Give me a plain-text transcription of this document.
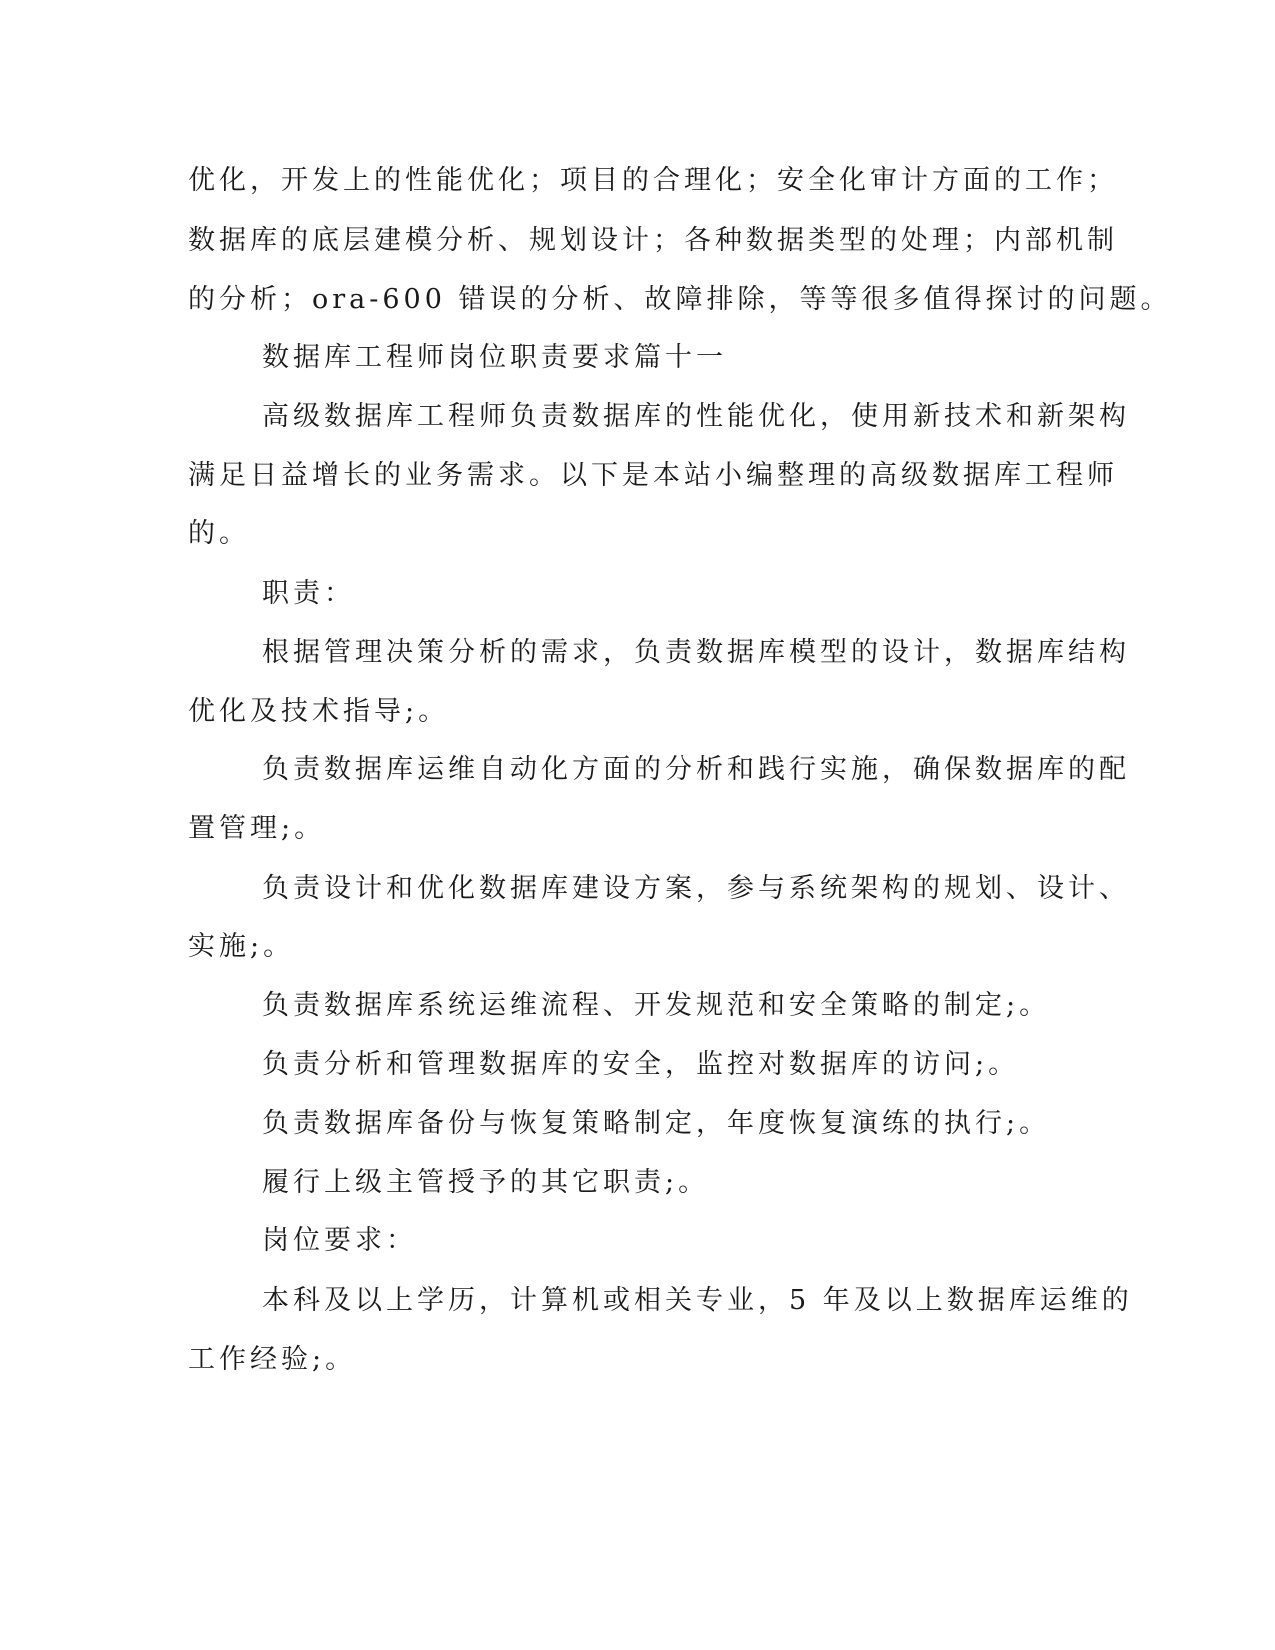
优化，开发上的性能优化；项目的合理化；安全化审计方面的工作；
数据库的底层建模分析、规划设计；各种数据类型的处理；内部机制
的分析；ora-600 错误的分析、故障排除，等等很多值得探讨的问题。
数据库工程师岗位职责要求篇十一
高级数据库工程师负责数据库的性能优化，使用新技术和新架构
满足日益增长的业务需求。以下是本站小编整理的高级数据库工程师
的。
职责：
根据管理决策分析的需求，负责数据库模型的设计，数据库结构
优化及技术指导;。
负责数据库运维自动化方面的分析和践行实施，确保数据库的配
置管理;。
负责设计和优化数据库建设方案，参与系统架构的规划、设计、
实施;。
负责数据库系统运维流程、开发规范和安全策略的制定;。
负责分析和管理数据库的安全，监控对数据库的访问;。
负责数据库备份与恢复策略制定，年度恢复演练的执行;。
履行上级主管授予的其它职责;。
岗位要求：
本科及以上学历，计算机或相关专业，5 年及以上数据库运维的
工作经验;。
